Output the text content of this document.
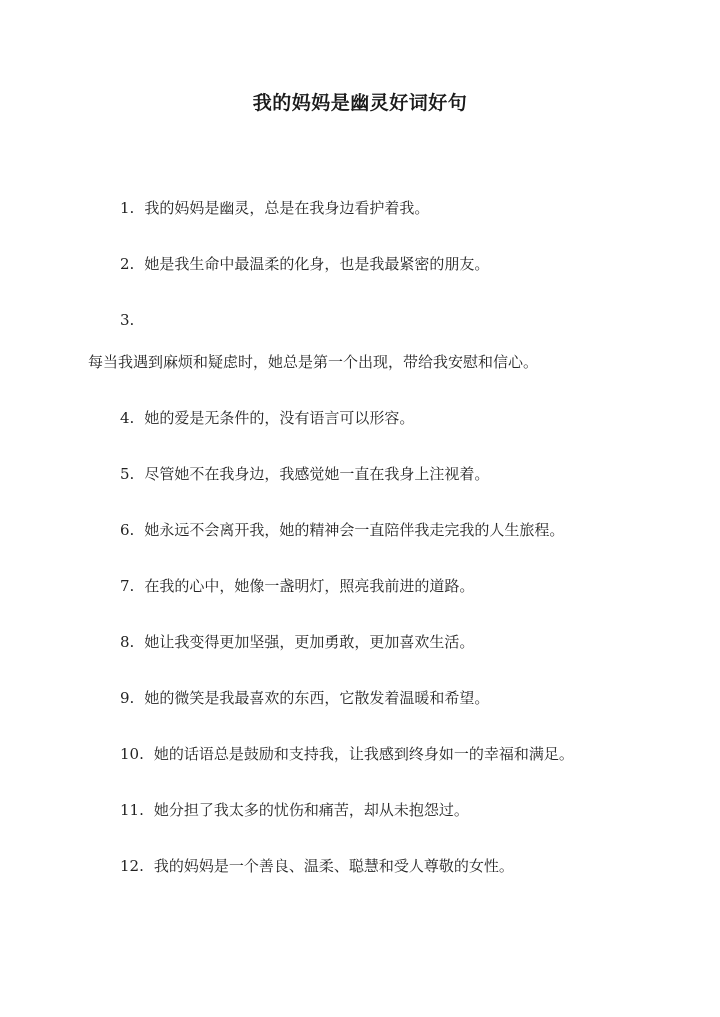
我的妈妈是幽灵好词好句
1. 我的妈妈是幽灵，总是在我身边看护着我。
2. 她是我生命中最温柔的化身，也是我最紧密的朋友。
3.
每当我遇到麻烦和疑虑时，她总是第一个出现，带给我安慰和信心。
4. 她的爱是无条件的，没有语言可以形容。
5. 尽管她不在我身边，我感觉她一直在我身上注视着。
6. 她永远不会离开我，她的精神会一直陪伴我走完我的人生旅程。
7. 在我的心中，她像一盏明灯，照亮我前进的道路。
8. 她让我变得更加坚强，更加勇敢，更加喜欢生活。
9. 她的微笑是我最喜欢的东西，它散发着温暖和希望。
10. 她的话语总是鼓励和支持我，让我感到终身如一的幸福和满足。
11. 她分担了我太多的忧伤和痛苦，却从未抱怨过。
12. 我的妈妈是一个善良、温柔、聪慧和受人尊敬的女性。
